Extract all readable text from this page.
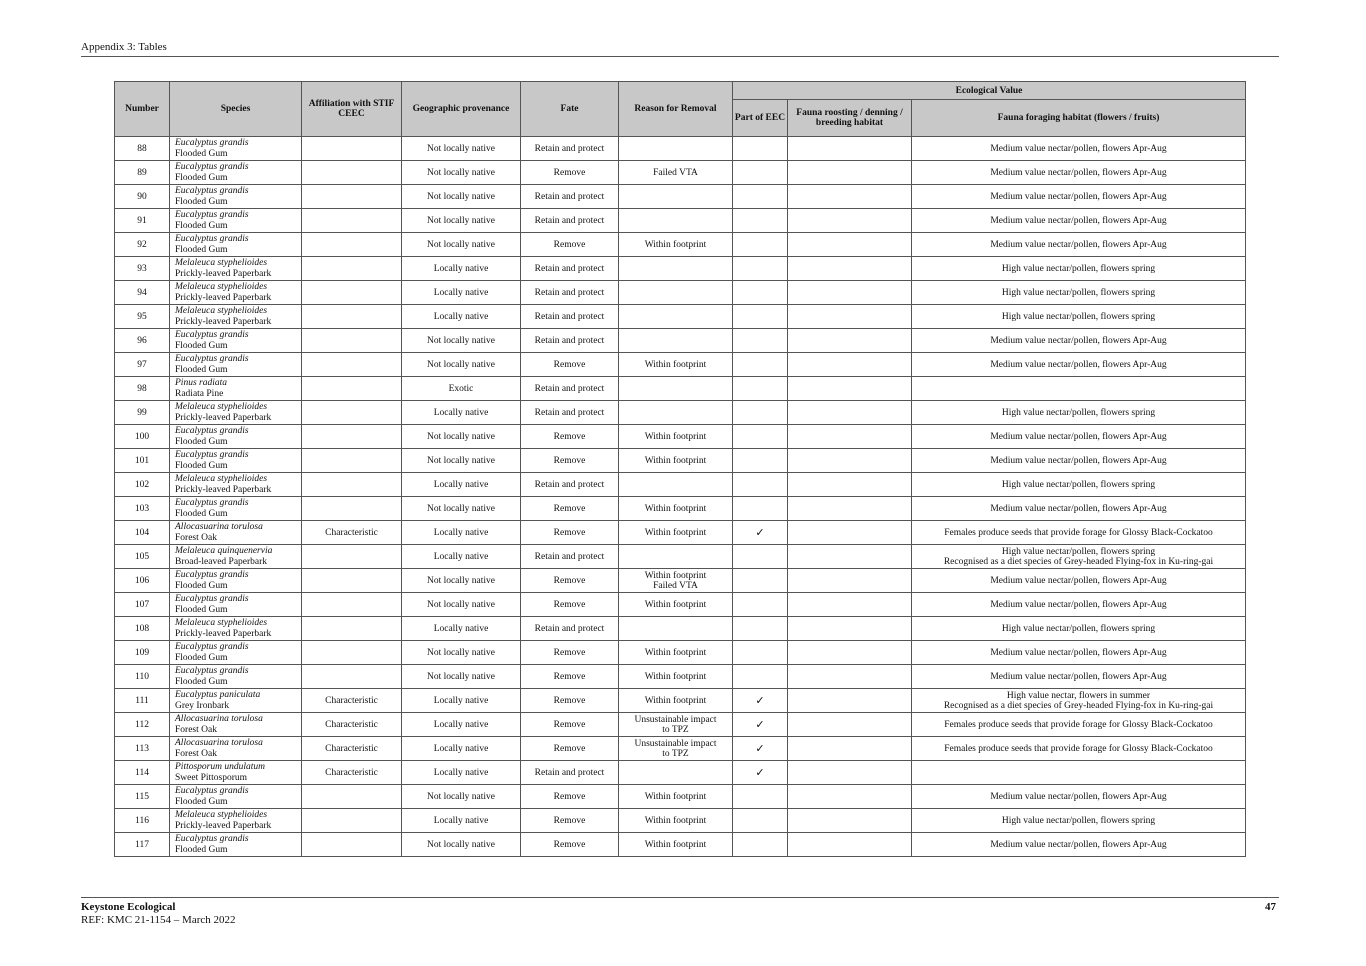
Appendix 3: Tables
Number	Species	Affiliation with STIF CEEC	Geographic provenance	Fate	Reason for Removal	Ecological Value		
						Part of EEC	Fauna roosting / denning / breeding habitat	Fauna foraging habitat (flowers / fruits)
88	Eucalyptus grandis
Flooded Gum		Not locally native	Retain and protect				Medium value nectar/pollen, flowers Apr-Aug
89	Eucalyptus grandis
Flooded Gum		Not locally native	Remove	Failed VTA			Medium value nectar/pollen, flowers Apr-Aug
90	Eucalyptus grandis
Flooded Gum		Not locally native	Retain and protect				Medium value nectar/pollen, flowers Apr-Aug
91	Eucalyptus grandis
Flooded Gum		Not locally native	Retain and protect				Medium value nectar/pollen, flowers Apr-Aug
92	Eucalyptus grandis
Flooded Gum		Not locally native	Remove	Within footprint			Medium value nectar/pollen, flowers Apr-Aug
93	Melaleuca styphelioides
Prickly-leaved Paperbark		Locally native	Retain and protect				High value nectar/pollen, flowers spring
94	Melaleuca styphelioides
Prickly-leaved Paperbark		Locally native	Retain and protect				High value nectar/pollen, flowers spring
95	Melaleuca styphelioides
Prickly-leaved Paperbark		Locally native	Retain and protect				High value nectar/pollen, flowers spring
96	Eucalyptus grandis
Flooded Gum		Not locally native	Retain and protect				Medium value nectar/pollen, flowers Apr-Aug
97	Eucalyptus grandis
Flooded Gum		Not locally native	Remove	Within footprint			Medium value nectar/pollen, flowers Apr-Aug
98	Pinus radiata
Radiata Pine		Exotic	Retain and protect				
99	Melaleuca styphelioides
Prickly-leaved Paperbark		Locally native	Retain and protect				High value nectar/pollen, flowers spring
100	Eucalyptus grandis
Flooded Gum		Not locally native	Remove	Within footprint			Medium value nectar/pollen, flowers Apr-Aug
101	Eucalyptus grandis
Flooded Gum		Not locally native	Remove	Within footprint			Medium value nectar/pollen, flowers Apr-Aug
102	Melaleuca styphelioides
Prickly-leaved Paperbark		Locally native	Retain and protect				High value nectar/pollen, flowers spring
103	Eucalyptus grandis
Flooded Gum		Not locally native	Remove	Within footprint			Medium value nectar/pollen, flowers Apr-Aug
104	Allocasuarina torulosa
Forest Oak	Characteristic	Locally native	Remove	Within footprint	✓		Females produce seeds that provide forage for Glossy Black-Cockatoo
105	Melaleuca quinquenervia
Broad-leaved Paperbark		Locally native	Retain and protect				High value nectar/pollen, flowers spring
Recognised as a diet species of Grey-headed Flying-fox in Ku-ring-gai
106	Eucalyptus grandis
Flooded Gum		Not locally native	Remove	Within footprint
Failed VTA			Medium value nectar/pollen, flowers Apr-Aug
107	Eucalyptus grandis
Flooded Gum		Not locally native	Remove	Within footprint			Medium value nectar/pollen, flowers Apr-Aug
108	Melaleuca styphelioides
Prickly-leaved Paperbark		Locally native	Retain and protect				High value nectar/pollen, flowers spring
109	Eucalyptus grandis
Flooded Gum		Not locally native	Remove	Within footprint			Medium value nectar/pollen, flowers Apr-Aug
110	Eucalyptus grandis
Flooded Gum		Not locally native	Remove	Within footprint			Medium value nectar/pollen, flowers Apr-Aug
111	Eucalyptus paniculata
Grey Ironbark	Characteristic	Locally native	Remove	Within footprint	✓		High value nectar, flowers in summer
Recognised as a diet species of Grey-headed Flying-fox in Ku-ring-gai
112	Allocasuarina torulosa
Forest Oak	Characteristic	Locally native	Remove	Unsustainable impact
to TPZ	✓		Females produce seeds that provide forage for Glossy Black-Cockatoo
113	Allocasuarina torulosa
Forest Oak	Characteristic	Locally native	Remove	Unsustainable impact
to TPZ	✓		Females produce seeds that provide forage for Glossy Black-Cockatoo
114	Pittosporum undulatum
Sweet Pittosporum	Characteristic	Locally native	Retain and protect		✓		
115	Eucalyptus grandis
Flooded Gum		Not locally native	Remove	Within footprint			Medium value nectar/pollen, flowers Apr-Aug
116	Melaleuca styphelioides
Prickly-leaved Paperbark		Locally native	Remove	Within footprint			High value nectar/pollen, flowers spring
117	Eucalyptus grandis
Flooded Gum		Not locally native	Remove	Within footprint			Medium value nectar/pollen, flowers Apr-Aug
Keystone Ecological
REF: KMC 21-1154 – March 2022
47
